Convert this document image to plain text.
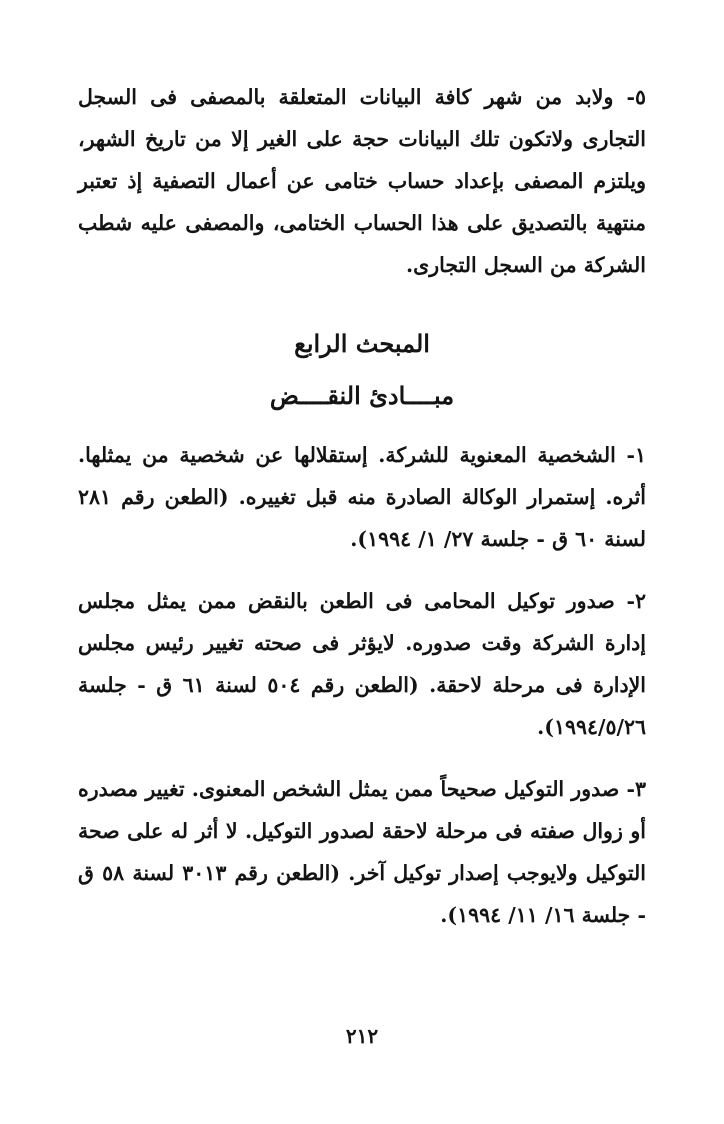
٥- ولابد من شهر كافة البيانات المتعلقة بالمصفى فى السجل التجارى ولاتكون تلك البيانات حجة على الغير إلا من تاريخ الشهر، ويلتزم المصفى بإعداد حساب ختامى عن أعمال التصفية إذ تعتبر منتهية بالتصديق على هذا الحساب الختامى، والمصفى عليه شطب الشركة من السجل التجارى.

المبحث الرابع
مبــــادئ النقــــض

١- الشخصية المعنوية للشركة. إستقلالها عن شخصية من يمثلها. أثره. إستمرار الوكالة الصادرة منه قبل تغييره. (الطعن رقم ٢٨١ لسنة ٦٠ ق - جلسة ٢٧/ ١/ ١٩٩٤).

٢- صدور توكيل المحامى فى الطعن بالنقض ممن يمثل مجلس إدارة الشركة وقت صدوره. لايؤثر فى صحته تغيير رئيس مجلس الإدارة فى مرحلة لاحقة. (الطعن رقم ٥٠٤ لسنة ٦١ ق - جلسة ١٩٩٤/٥/٢٦).

٣- صدور التوكيل صحيحاً ممن يمثل الشخص المعنوى. تغيير مصدره أو زوال صفته فى مرحلة لاحقة لصدور التوكيل. لا أثر له على صحة التوكيل ولايوجب إصدار توكيل آخر. (الطعن رقم ٣٠١٣ لسنة ٥٨ ق - جلسة ١٦/ ١١/ ١٩٩٤).

٢١٢
